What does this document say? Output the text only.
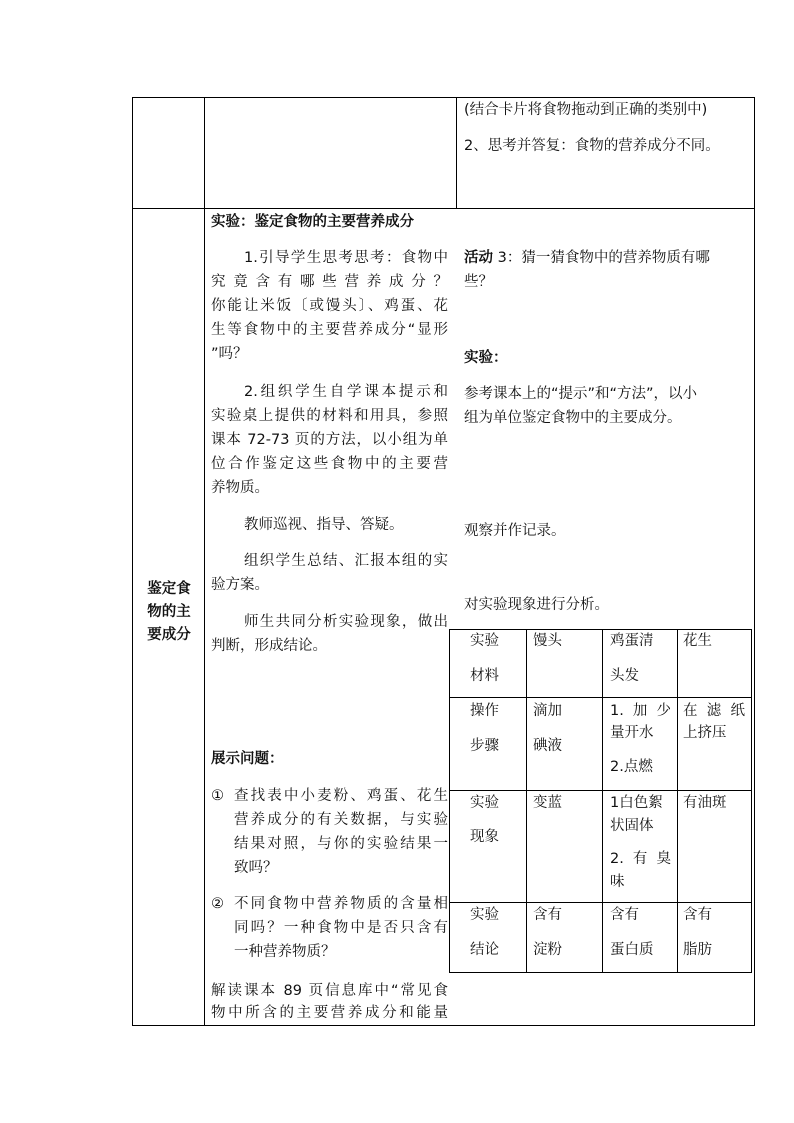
(结合卡片将食物拖动到正确的类别中)
2、思考并答复：食物的营养成分不同。
鉴定食
物的主
要成分
实验：鉴定食物的主要营养成分
1.引导学生思考思考：食物中
究竟含有哪些营养成分？
你能让米饭〔或馒头〕、鸡蛋、花
生等食物中的主要营养成分“显形
”吗？
2.组织学生自学课本提示和
实验桌上提供的材料和用具，参照
课本 72-73 页的方法，以小组为单
位合作鉴定这些食物中的主要营
养物质。
教师巡视、指导、答疑。
组织学生总结、汇报本组的实
验方案。
师生共同分析实验现象，做出
判断，形成结论。
展示问题：
① 查找表中小麦粉、鸡蛋、花生
营养成分的有关数据，与实验
结果对照，与你的实验结果一
致吗？
② 不同食物中营养物质的含量相
同吗？一种食物中是否只含有
一种营养物质？
解读课本 89 页信息库中“常见食
物中所含的主要营养成分和能量
活动 3：猜一猜食物中的营养物质有哪
些？
实验：
参考课本上的“提示”和“方法”，以小
组为单位鉴定食物中的主要成分。
观察并作记录。
对实验现象进行分析。
实验
材料
馒头	鸡蛋清
头发
花生
操作
步骤
滴加
碘液
1.加少
量开水
2.点燃
在滤纸
上挤压
实验
现象
变蓝	1白色絮
状固体
2.有臭
味
有油斑
实验
结论
含有
淀粉
含有
蛋白质
含有
脂肪
